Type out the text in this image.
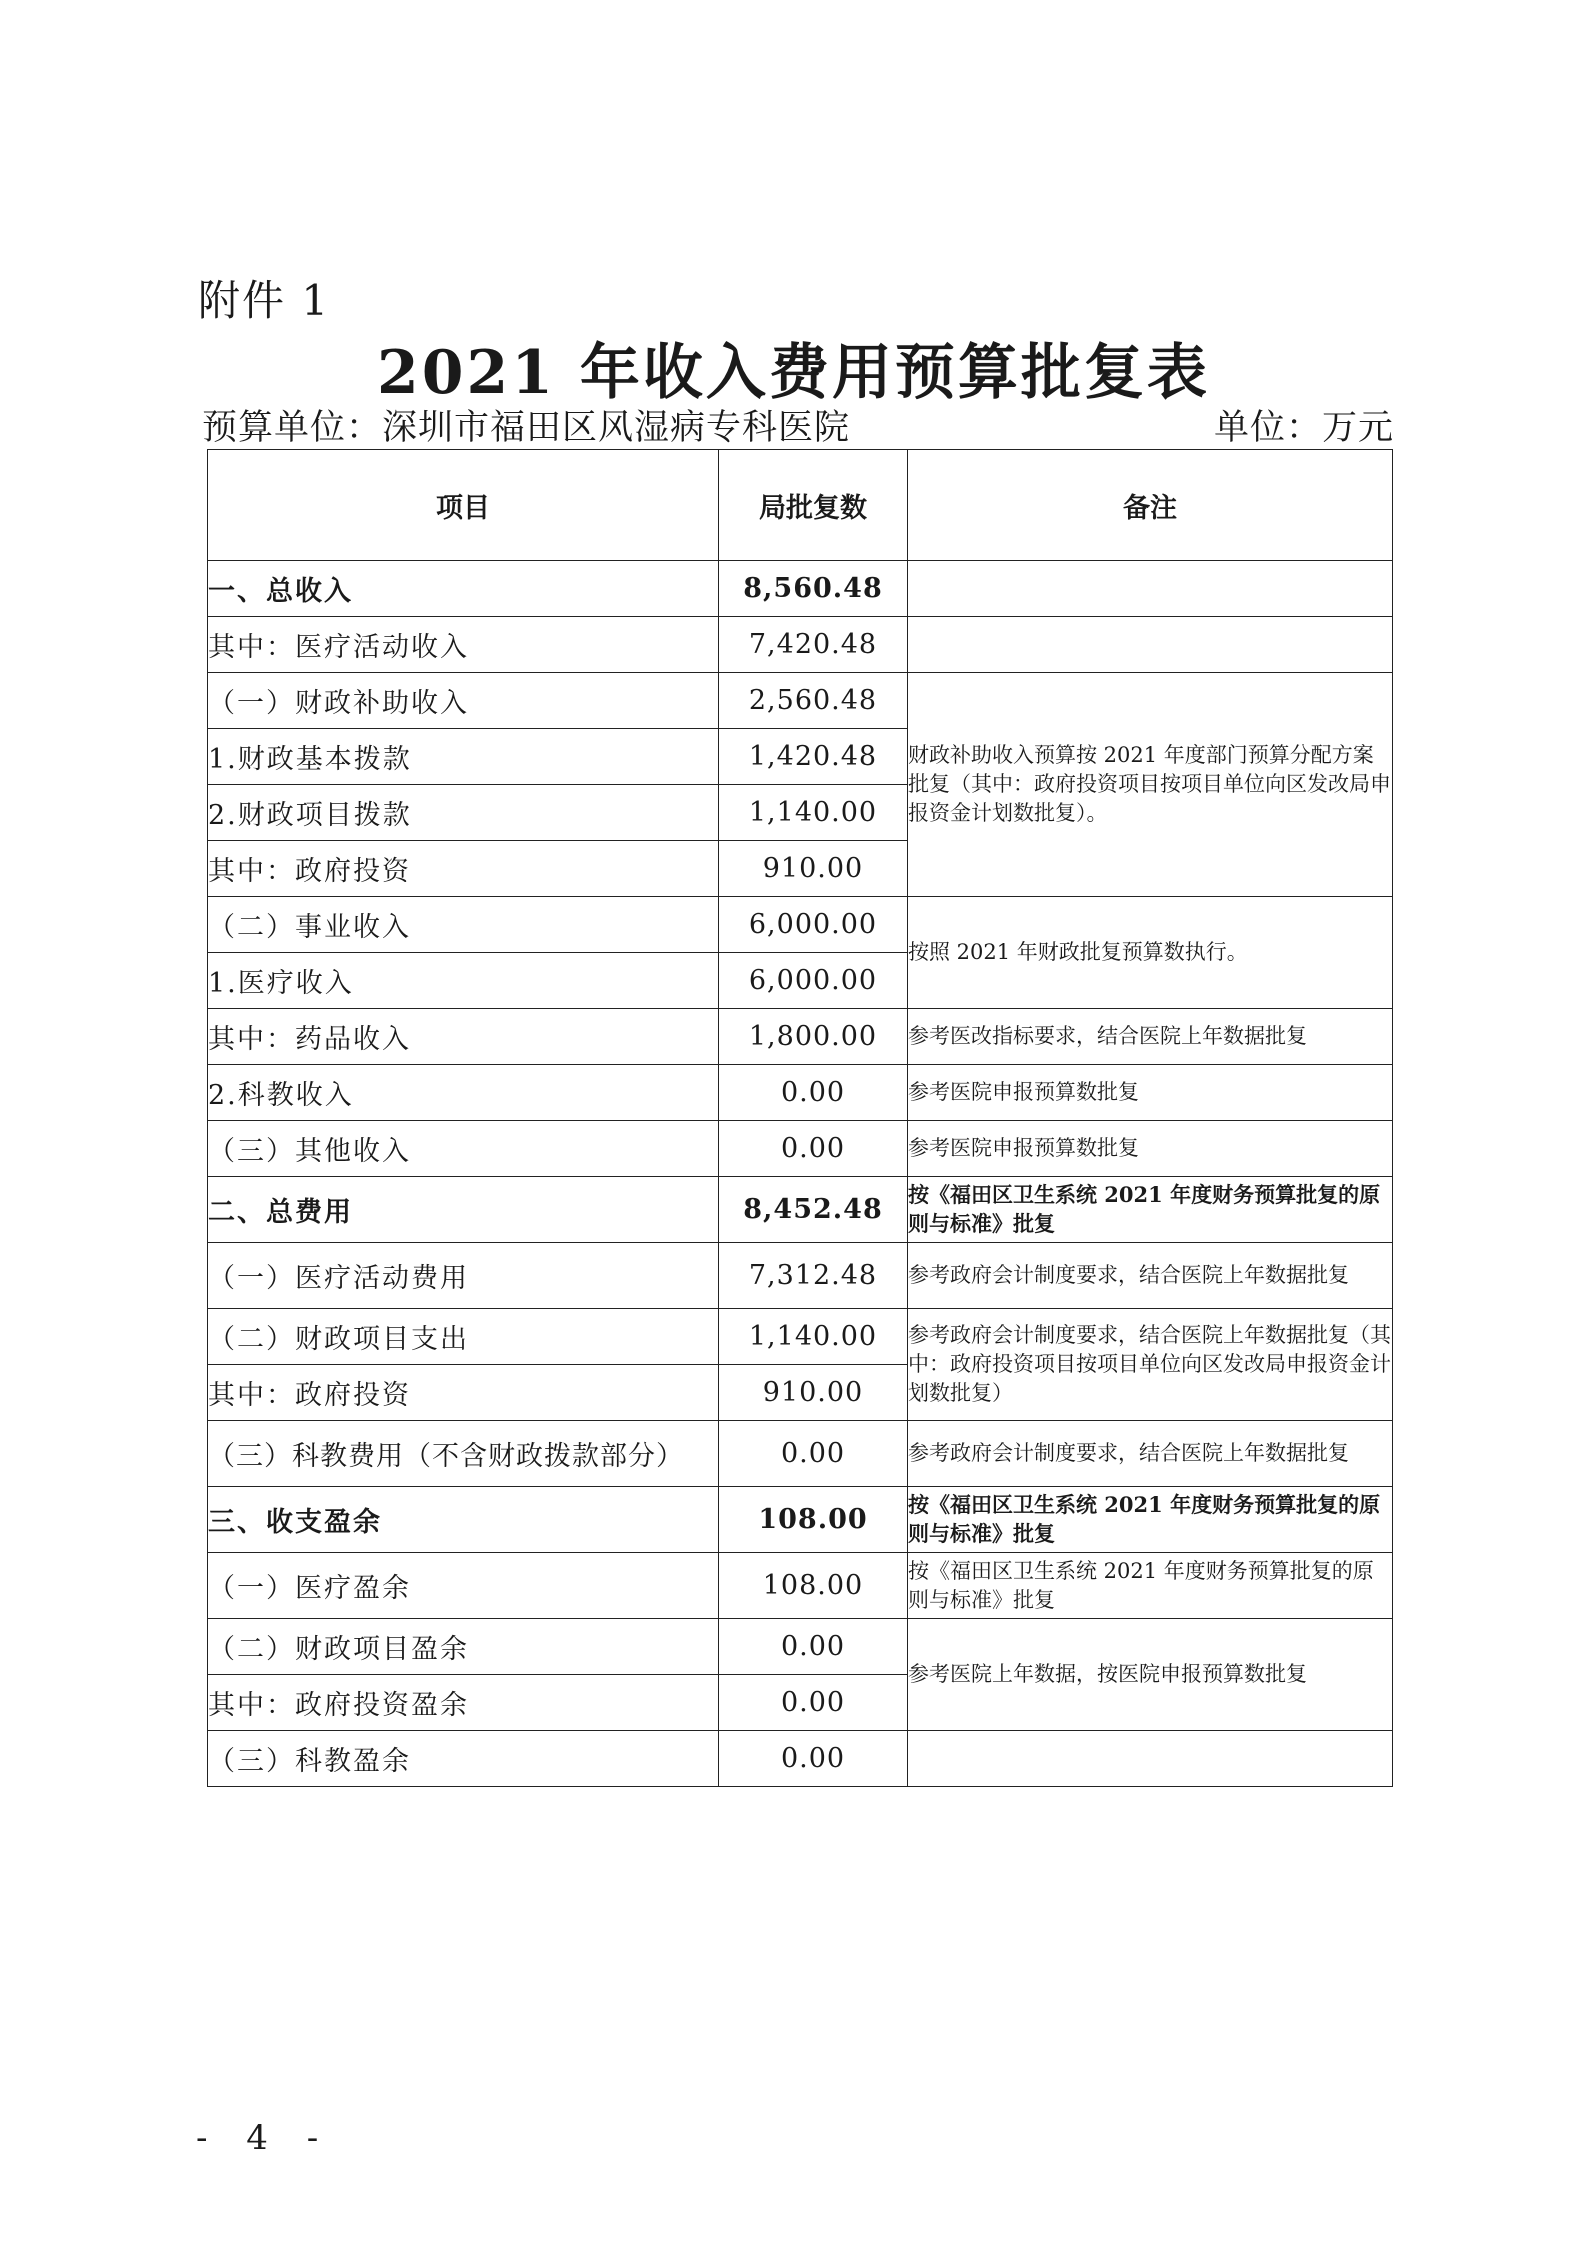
附件 1
2021 年收入费用预算批复表
预算单位：深圳市福田区风湿病专科医院	单位：万元
项目	局批复数	备注
一、总收入	8,560.48	
其中：医疗活动收入	7,420.48	
（一）财政补助收入	2,560.48	财政补助收入预算按 2021 年度部门预算分配方案批复（其中：政府投资项目按项目单位向区发改局申报资金计划数批复）。
1.财政基本拨款	1,420.48	
2.财政项目拨款	1,140.00	
其中：政府投资	910.00	
（二）事业收入	6,000.00	按照 2021 年财政批复预算数执行。
1.医疗收入	6,000.00	
其中：药品收入	1,800.00	参考医改指标要求，结合医院上年数据批复
2.科教收入	0.00	参考医院申报预算数批复
（三）其他收入	0.00	参考医院申报预算数批复
二、总费用	8,452.48	按《福田区卫生系统 2021 年度财务预算批复的原则与标准》批复
（一）医疗活动费用	7,312.48	参考政府会计制度要求，结合医院上年数据批复
（二）财政项目支出	1,140.00	参考政府会计制度要求，结合医院上年数据批复（其中：政府投资项目按项目单位向区发改局申报资金计划数批复）
其中：政府投资	910.00	
（三）科教费用（不含财政拨款部分）	0.00	参考政府会计制度要求，结合医院上年数据批复
三、收支盈余	108.00	按《福田区卫生系统 2021 年度财务预算批复的原则与标准》批复
（一）医疗盈余	108.00	按《福田区卫生系统 2021 年度财务预算批复的原则与标准》批复
（二）财政项目盈余	0.00	参考医院上年数据，按医院申报预算数批复
其中：政府投资盈余	0.00	
（三）科教盈余	0.00	
- 4 -
